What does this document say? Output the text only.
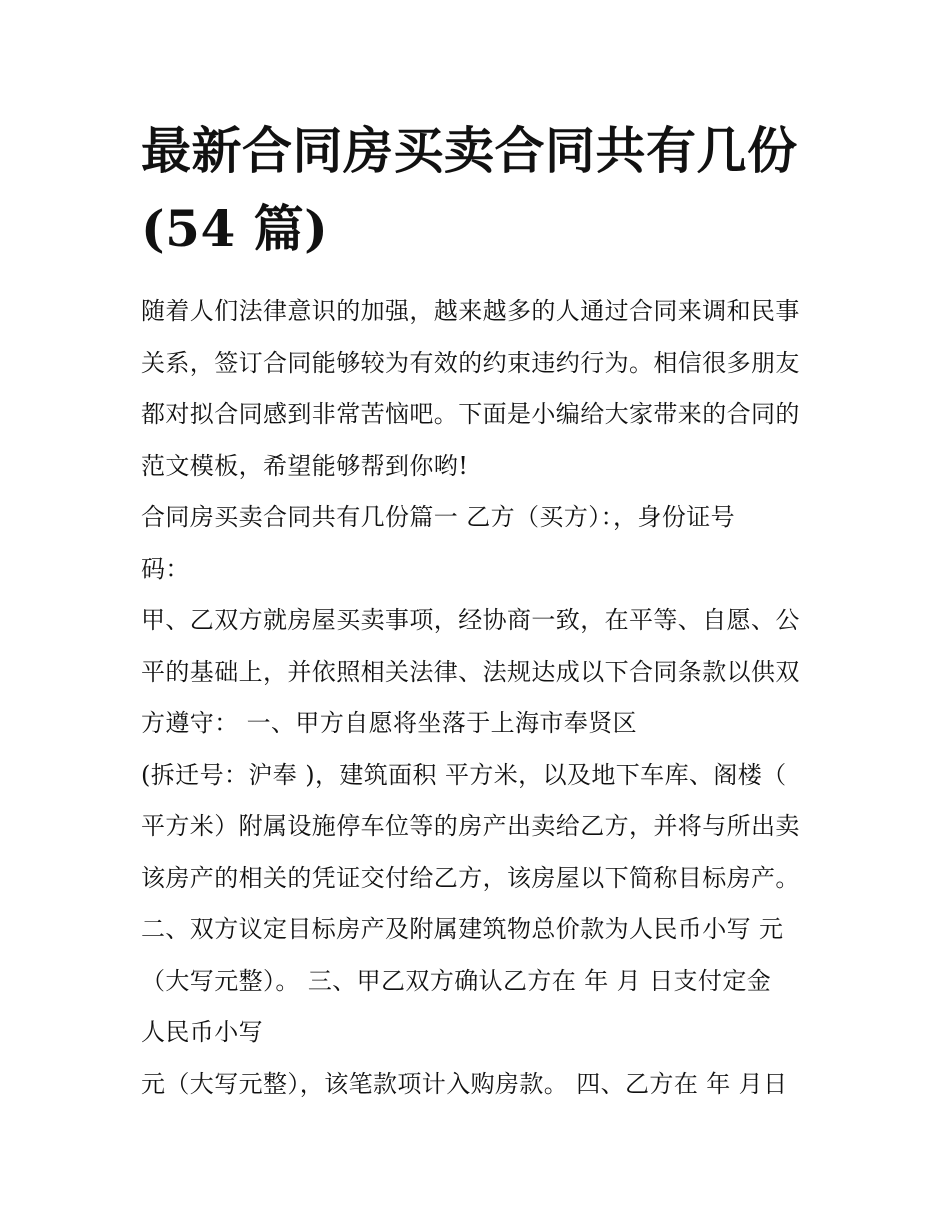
最新合同房买卖合同共有几份
(54 篇)
随着人们法律意识的加强，越来越多的人通过合同来调和民事
关系，签订合同能够较为有效的约束违约行为。相信很多朋友
都对拟合同感到非常苦恼吧。下面是小编给大家带来的合同的
范文模板，希望能够帮到你哟!
合同房买卖合同共有几份篇一 乙方（买方）：，身份证号
码：
甲、乙双方就房屋买卖事项，经协商一致，在平等、自愿、公
平的基础上，并依照相关法律、法规达成以下合同条款以供双
方遵守： 一、甲方自愿将坐落于上海市奉贤区
(拆迁号：沪奉 )，建筑面积 平方米，以及地下车库、阁楼（
平方米）附属设施停车位等的房产出卖给乙方，并将与所出卖
该房产的相关的凭证交付给乙方，该房屋以下简称目标房产。
二、双方议定目标房产及附属建筑物总价款为人民币小写 元
（大写元整）。 三、甲乙双方确认乙方在 年 月 日支付定金
人民币小写
元（大写元整），该笔款项计入购房款。 四、乙方在 年 月日
